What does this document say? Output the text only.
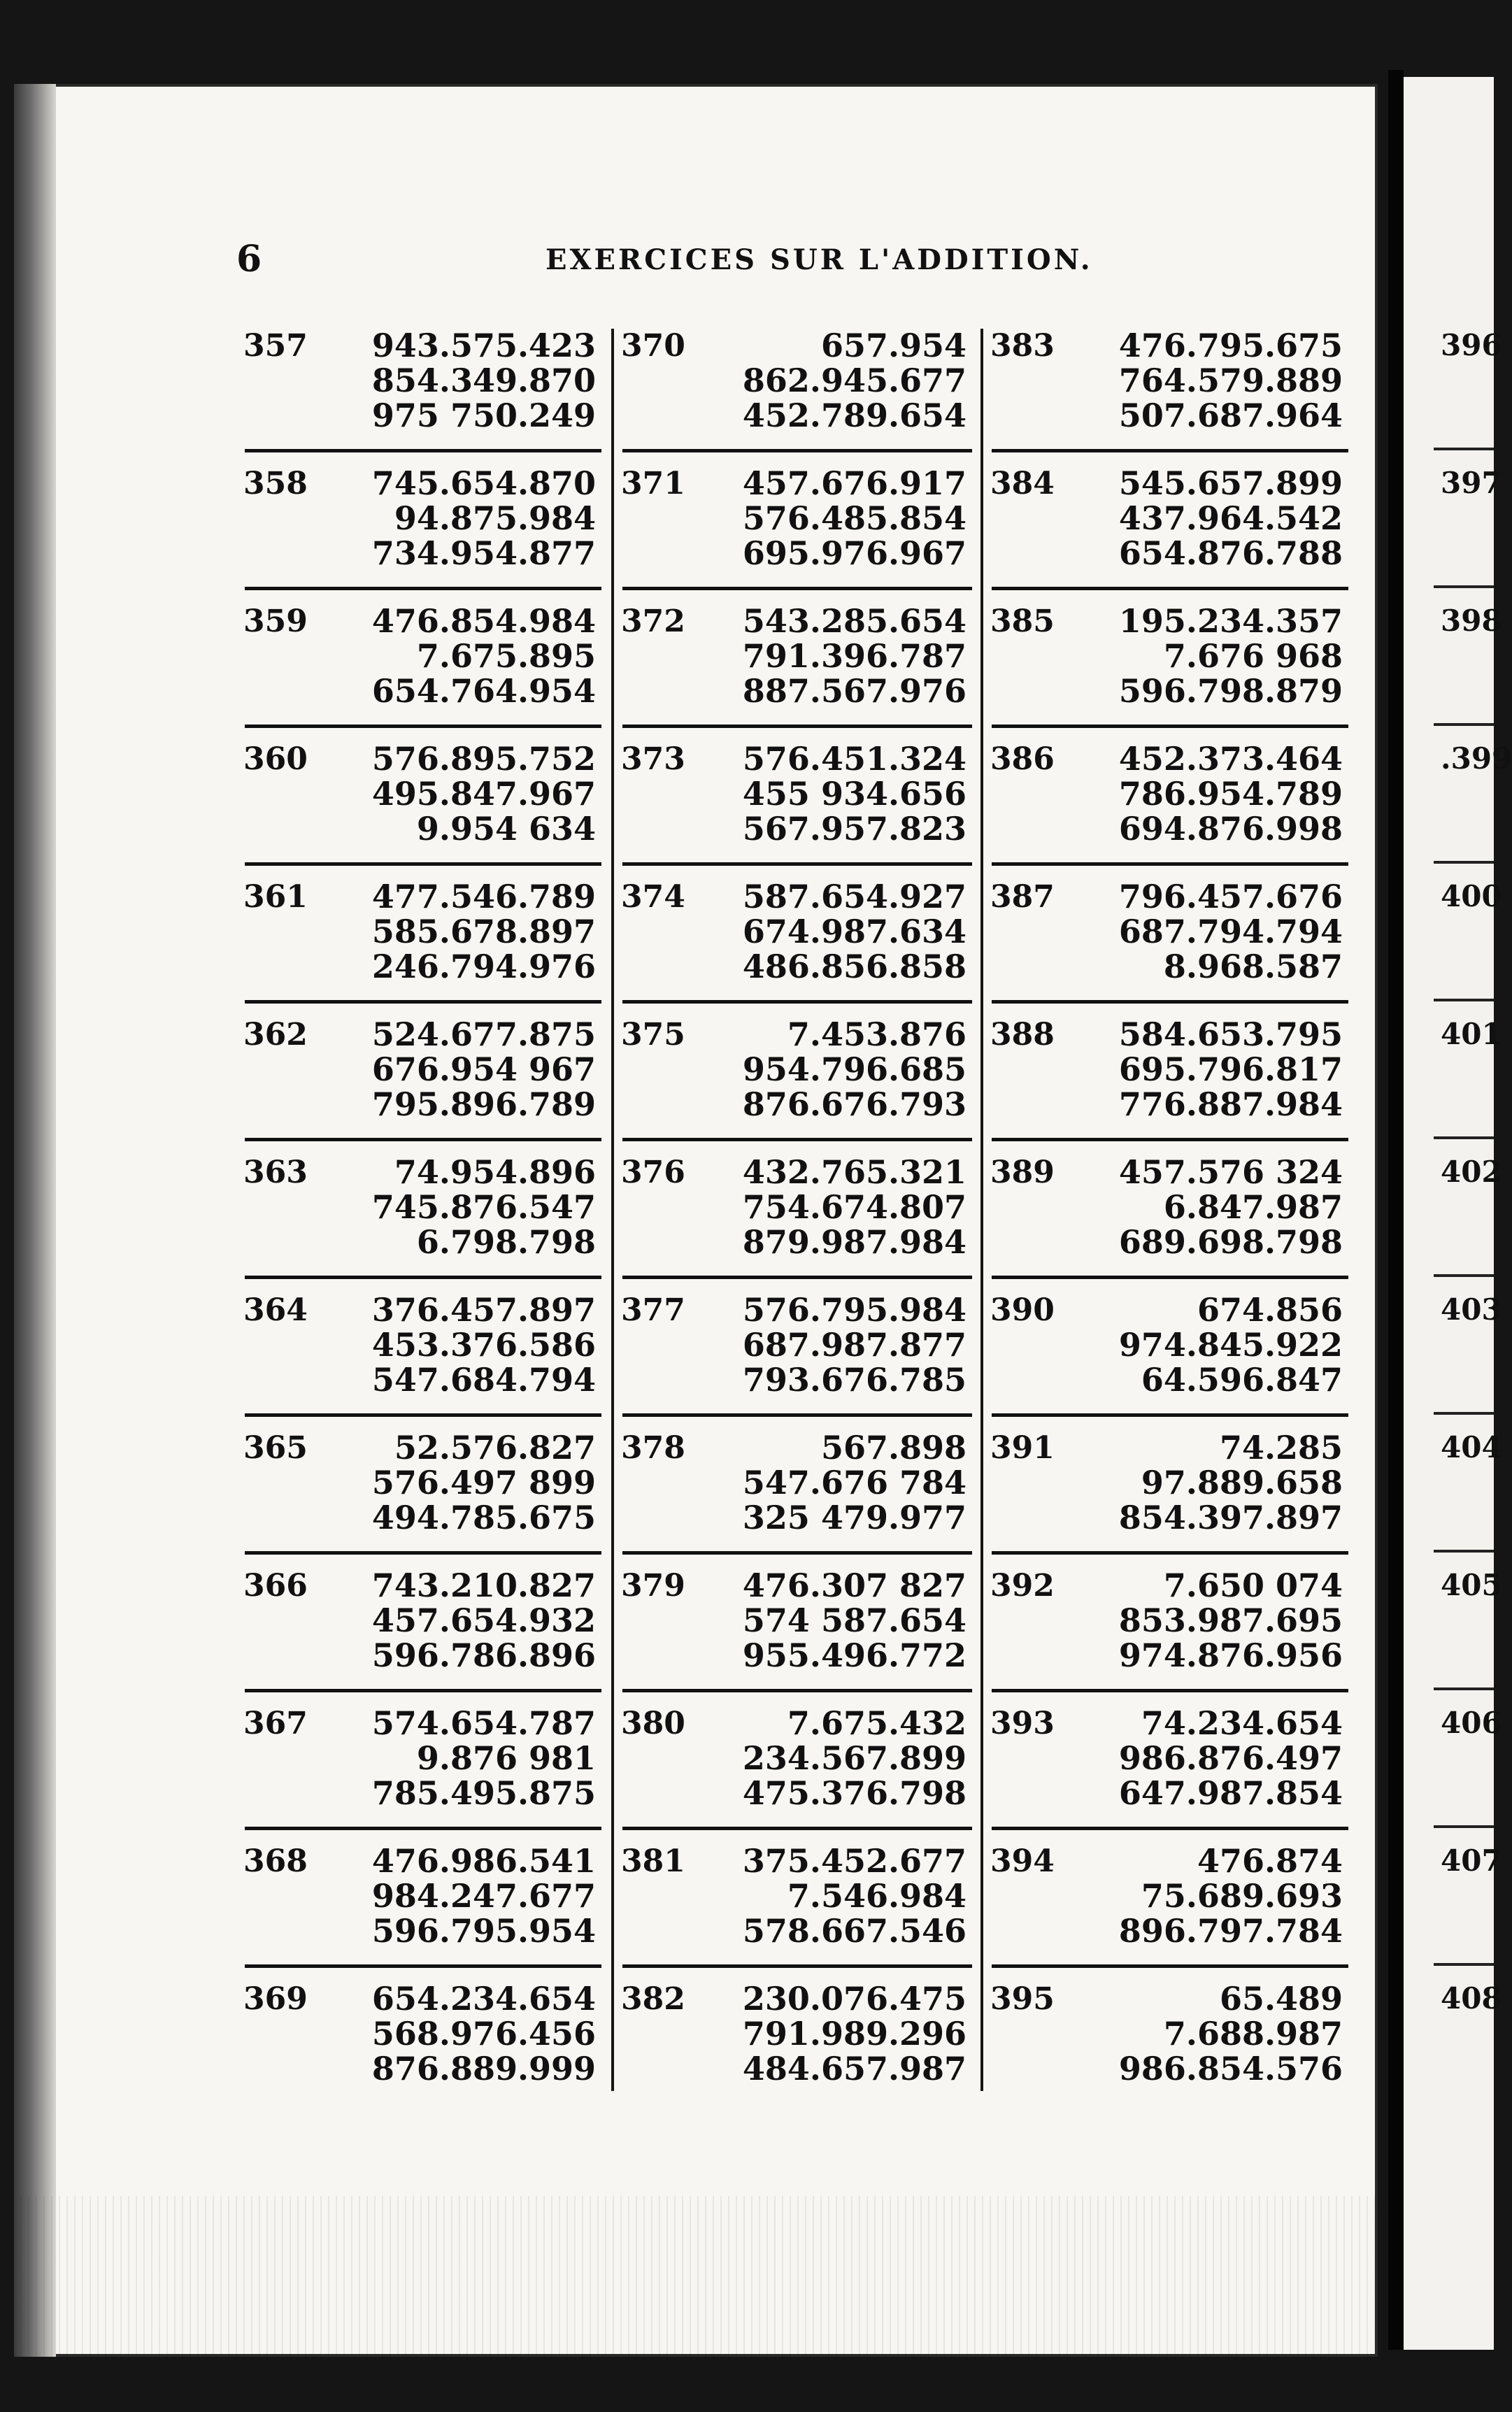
6	EXERCICES SUR L'ADDITION.
357 943.575.423
854.349.870
975 750.249
358 745.654.870
94.875.984
734.954.877
359 476.854.984
7.675.895
654.764.954
360 576.895.752
495.847.967
9.954 634
361 477.546.789
585.678.897
246.794.976
362 524.677.875
676.954 967
795.896.789
363	74.954.896
745.876.547
6.798.798
364 376.457.897
453.376.586
547.684.794
365	52.576.827
576.497 899
494.785.675
366 743.210.827
457.654.932
596.786.896
367 574.654.787
9.876 981
785.495.875
368 476.986.541
984.247.677
596.795.954
369 654.234.654
568.976.456
876.889.999
370	657.954
862.945.677
452.789.654
371 457.676.917
576.485.854
695.976.967
372 543.285.654
791.396.787
887.567.976
373 576.451.324
455 934.656
567.957.823
374 587.654.927
674.987.634
486.856.858
375	7.453.876
954.796.685
876.676.793
376 432.765.321
754.674.807
879.987.984
377 576.795.984
687.987.877
793.676.785
378	567.898
547.676 784
325 479.977
379 476.307 827
574 587.654
955.496.772
380	7.675.432
234.567.899
475.376.798
381 375.452.677
7.546.984
578.667.546
382 230.076.475
791.989.296
484.657.987
383 476.795.675
764.579.889
507.687.964
384 545.657.899
437.964.542
654.876.788
385 195.234.357
7.676 968
596.798.879
386 452.373.464
786.954.789
694.876.998
387 796.457.676
687.794.794
8.968.587
388 584.653.795
695.796.817
776.887.984
389 457.576 324
6.847.987
689.698.798
390	674.856
974.845.922
64.596.847
391	74.285
97.889.658
854.397.897
392	7.650 074
853.987.695
974.876.956
393	74.234.654
986.876.497
647.987.854
394	476.874
75.689.693
896.797.784
395	65.489
7.688.987
986.854.576
396
397
398
.399
400
401
402
403
404
405
406
407
408
